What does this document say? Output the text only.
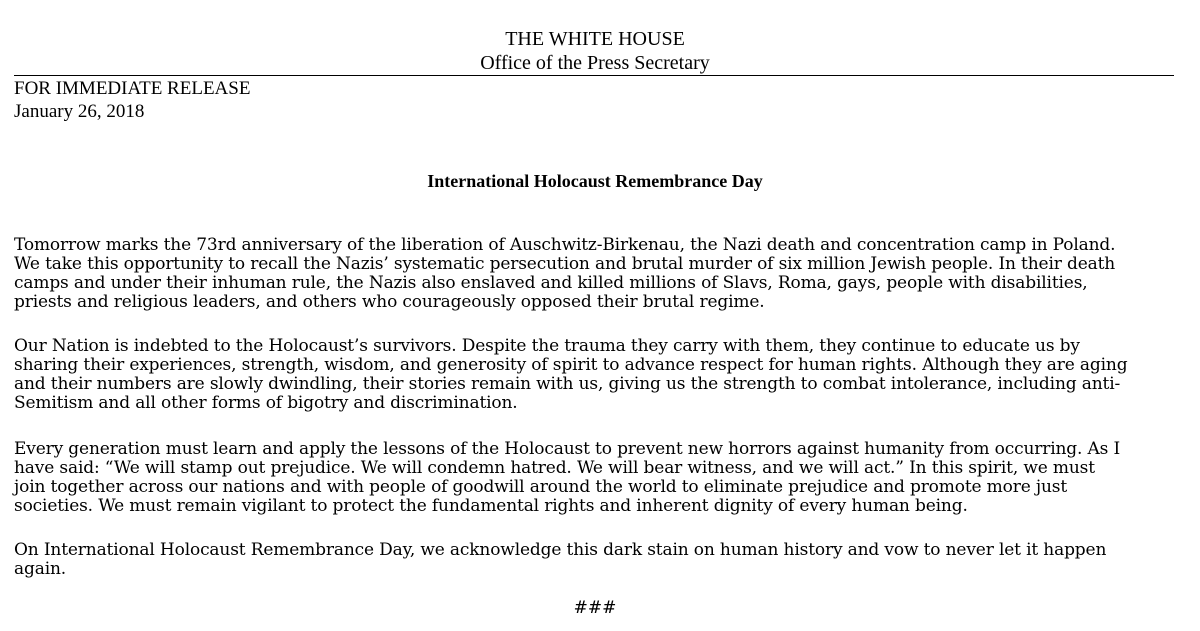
THE WHITE HOUSE
Office of the Press Secretary
FOR IMMEDIATE RELEASE
January 26, 2018
International Holocaust Remembrance Day
Tomorrow marks the 73rd anniversary of the liberation of Auschwitz-Birkenau, the Nazi death and concentration camp in Poland.
We take this opportunity to recall the Nazis’ systematic persecution and brutal murder of six million Jewish people. In their death
camps and under their inhuman rule, the Nazis also enslaved and killed millions of Slavs, Roma, gays, people with disabilities,
priests and religious leaders, and others who courageously opposed their brutal regime.
Our Nation is indebted to the Holocaust’s survivors. Despite the trauma they carry with them, they continue to educate us by
sharing their experiences, strength, wisdom, and generosity of spirit to advance respect for human rights. Although they are aging
and their numbers are slowly dwindling, their stories remain with us, giving us the strength to combat intolerance, including anti-
Semitism and all other forms of bigotry and discrimination.
Every generation must learn and apply the lessons of the Holocaust to prevent new horrors against humanity from occurring. As I
have said: “We will stamp out prejudice. We will condemn hatred. We will bear witness, and we will act.” In this spirit, we must
join together across our nations and with people of goodwill around the world to eliminate prejudice and promote more just
societies. We must remain vigilant to protect the fundamental rights and inherent dignity of every human being.
On International Holocaust Remembrance Day, we acknowledge this dark stain on human history and vow to never let it happen
again.
###
